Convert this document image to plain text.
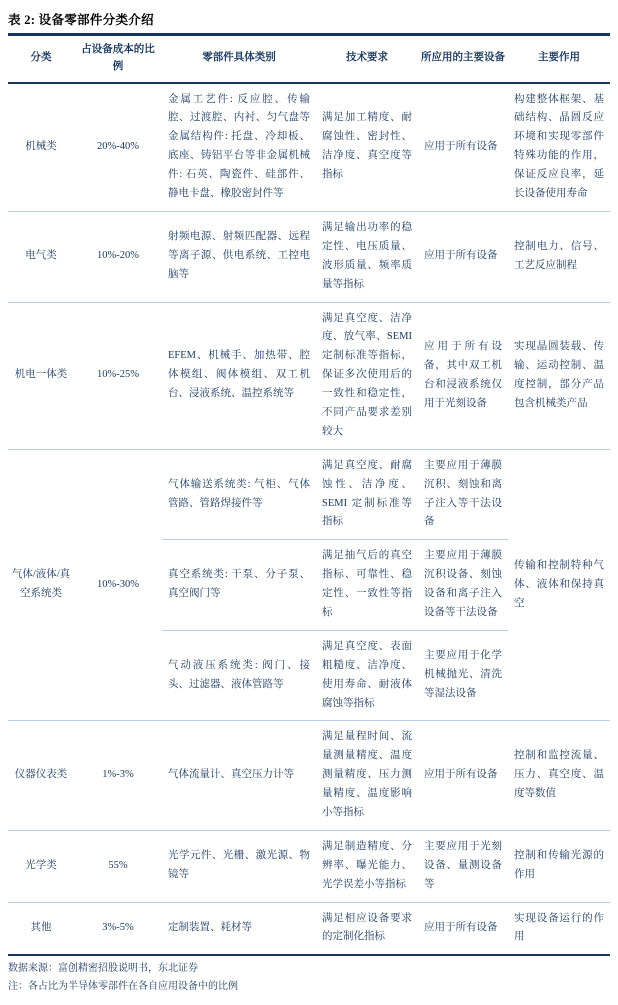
表 2: 设备零部件分类介绍
分类	占设备成本的比例	零部件具体类别	技术要求	所应用的主要设备	主要作用
机械类	20%-40%	金属工艺件: 反应腔、传输腔、过渡腔、内衬、匀气盘等金属结构件: 托盘、冷却板、底座、铸铝平台等非金属机械件: 石英、陶瓷件、硅部件、静电卡盘、橡胶密封件等	满足加工精度、耐腐蚀性、密封性、洁净度、真空度等指标	应用于所有设备	构建整体框架、基础结构、晶圆反应环境和实现零部件特殊功能的作用，保证反应良率，延长设备使用寿命
电气类	10%-20%	射频电源、射频匹配器、远程等离子源、供电系统、工控电脑等	满足输出功率的稳定性、电压质量、波形质量、频率质量等指标	应用于所有设备	控制电力、信号、工艺反应制程
机电一体类	10%-25%	EFEM、机械手、加热带、腔体模组、阀体模组、双工机台、浸液系统、温控系统等	满足真空度、洁净度、放气率、SEMI 定制标准等指标，保证多次使用后的一致性和稳定性，不同产品要求差别较大	应用于所有设备，其中双工机台和浸液系统仅用于光刻设备	实现晶圆装载、传输、运动控制、温度控制，部分产品包含机械类产品
气体/液体/真空系统类	10%-30%	气体输送系统类: 气柜、气体管路、管路焊接件等	满足真空度、耐腐蚀性、洁净度、SEMI 定制标准等指标	主要应用于薄膜沉积、刻蚀和离子注入等干法设备	传输和控制特种气体、液体和保持真空
		真空系统类: 干泵、分子泵、真空阀门等	满足抽气后的真空指标、可靠性、稳定性、一致性等指标	主要应用于薄膜沉积设备、刻蚀设备和离子注入设备等干法设备	
		气动液压系统类: 阀门、接头、过滤器、液体管路等	满足真空度、表面粗糙度、洁净度、使用寿命、耐液体腐蚀等指标	主要应用于化学机械抛光、清洗等湿法设备	
仪器仪表类	1%-3%	气体流量计、真空压力计等	满足量程时间、流量测量精度、温度测量精度、压力测量精度、温度影响小等指标	应用于所有设备	控制和监控流量、压力、真空度、温度等数值
光学类	55%	光学元件、光栅、激光源、物镜等	满足制造精度、分辨率、曝光能力、光学误差小等指标	主要应用于光刻设备、量测设备等	控制和传输光源的作用
其他	3%-5%	定制装置、耗材等	满足相应设备要求的定制化指标	应用于所有设备	实现设备运行的作用
数据来源：富创精密招股说明书，东北证券
注：各占比为半导体零部件在各自应用设备中的比例
